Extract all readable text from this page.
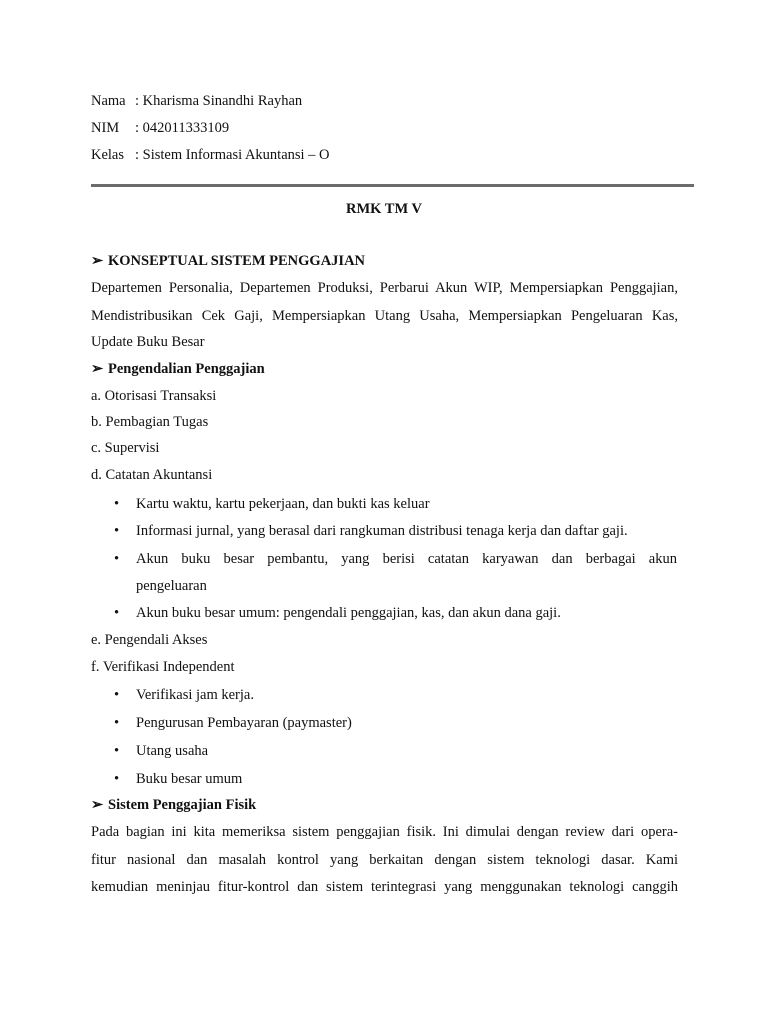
Nama : Kharisma Sinandhi Rayhan
NIM : 042011333109
Kelas : Sistem Informasi Akuntansi – O
RMK TM V
➢ KONSEPTUAL SISTEM PENGGAJIAN
Departemen Personalia, Departemen Produksi, Perbarui Akun WIP, Mempersiapkan Penggajian,
Mendistribusikan Cek Gaji, Mempersiapkan Utang Usaha, Mempersiapkan Pengeluaran Kas,
Update Buku Besar
➢ Pengendalian Penggajian
a. Otorisasi Transaksi
b. Pembagian Tugas
c. Supervisi
d. Catatan Akuntansi
• Kartu waktu, kartu pekerjaan, dan bukti kas keluar
• Informasi jurnal, yang berasal dari rangkuman distribusi tenaga kerja dan daftar gaji.
• Akun buku besar pembantu, yang berisi catatan karyawan dan berbagai akun
pengeluaran
• Akun buku besar umum: pengendali penggajian, kas, dan akun dana gaji.
e. Pengendali Akses
f. Verifikasi Independent
• Verifikasi jam kerja.
• Pengurusan Pembayaran (paymaster)
• Utang usaha
• Buku besar umum
➢ Sistem Penggajian Fisik
Pada bagian ini kita memeriksa sistem penggajian fisik. Ini dimulai dengan review dari opera-
fitur nasional dan masalah kontrol yang berkaitan dengan sistem teknologi dasar. Kami
kemudian meninjau fitur-kontrol dan sistem terintegrasi yang menggunakan teknologi canggih
